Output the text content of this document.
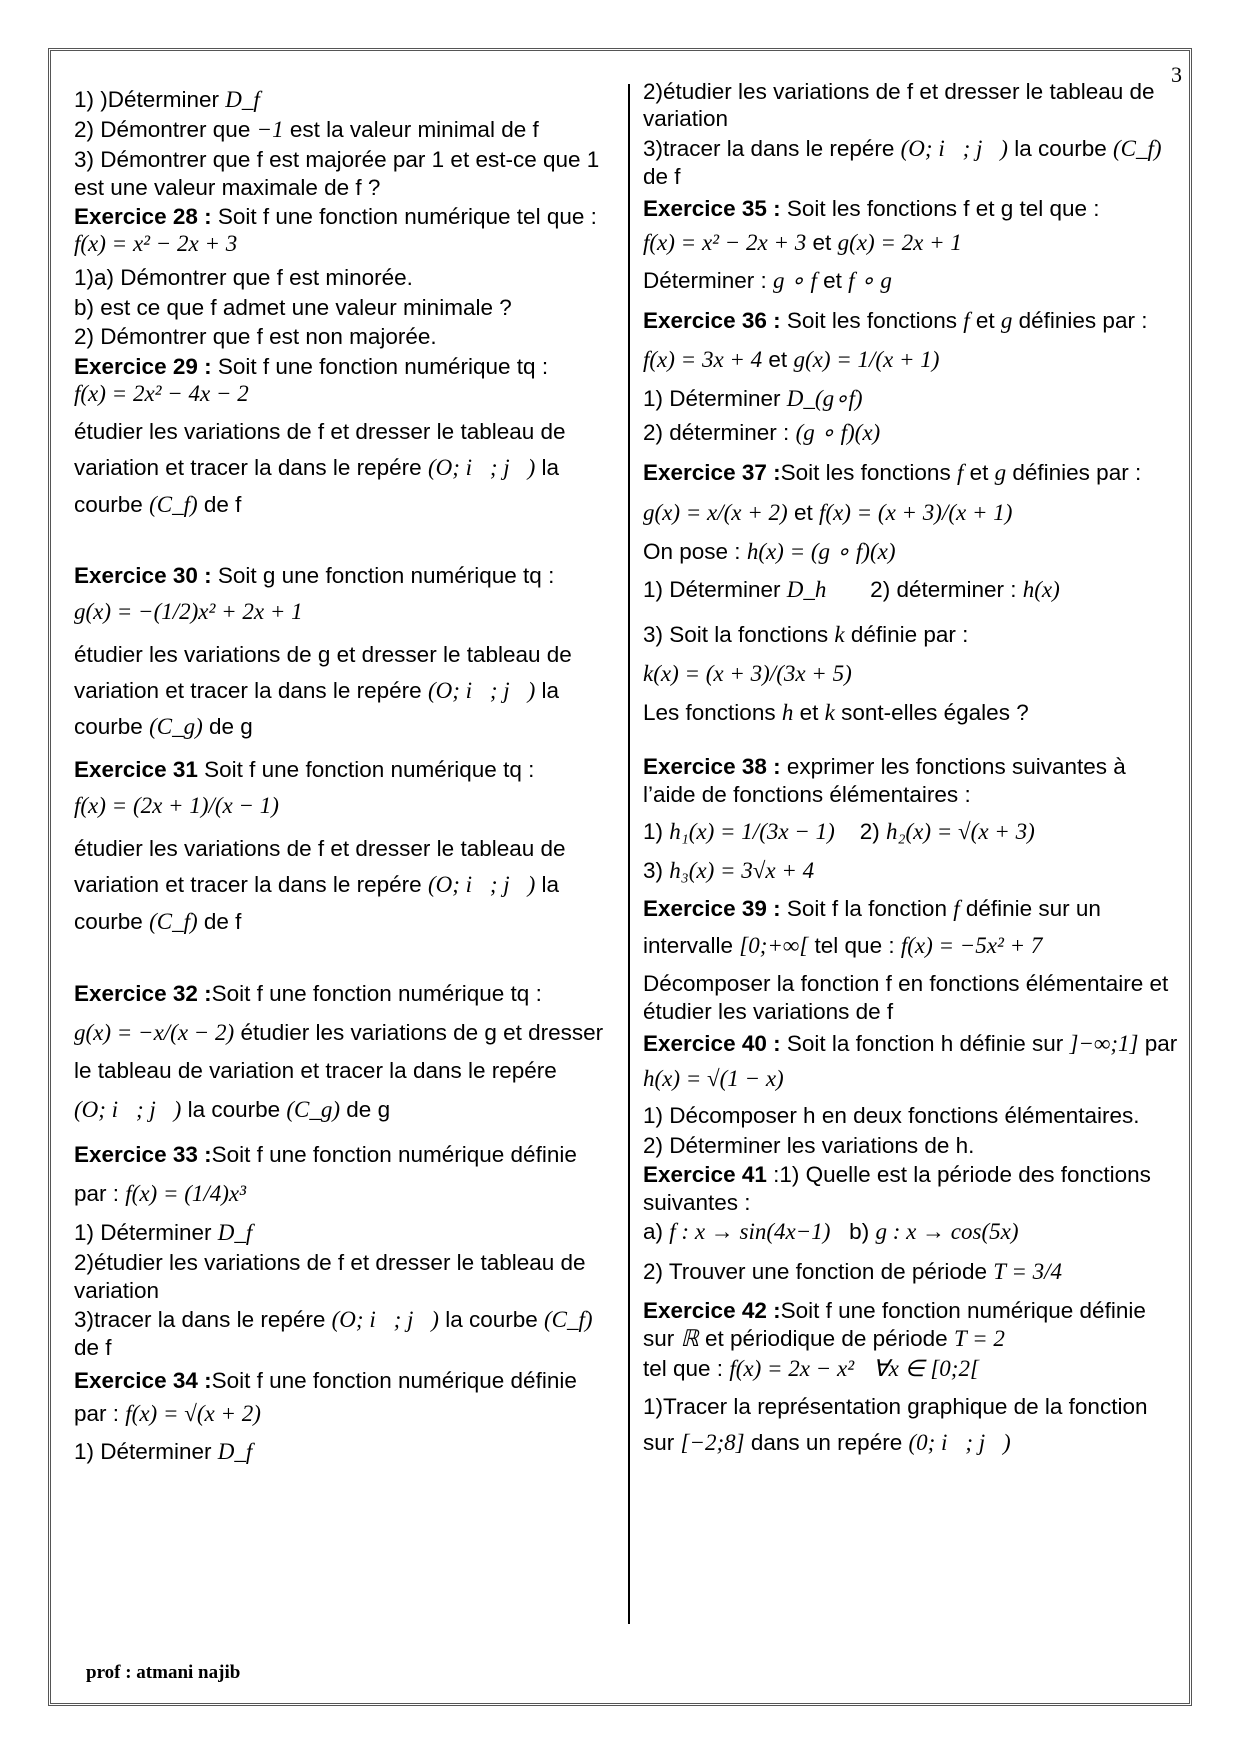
3
1) )Déterminer D_f
2) Démontrer que −1 est la valeur minimal de f
3) Démontrer que f est majorée par 1 et est-ce que 1 est une valeur maximale de f ?
Exercice 28 : Soit f une fonction numérique tel que : f(x) = x² − 2x + 3
1)a) Démontrer que f est minorée.
b) est ce que f admet une valeur minimale ?
2) Démontrer que f est non majorée.
Exercice 29 : Soit f une fonction numérique tq : f(x) = 2x² − 4x − 2
étudier les variations de f et dresser le tableau de variation et tracer la dans le repére (O; i⃗; j⃗) la courbe (C_f) de f
Exercice 30 : Soit g une fonction numérique tq : g(x) = −(1/2)x² + 2x + 1
étudier les variations de g et dresser le tableau de variation et tracer la dans le repére (O; i⃗; j⃗) la courbe (C_g) de g
Exercice 31 Soit f une fonction numérique tq :
f(x) = (2x + 1)/(x − 1)
étudier les variations de f et dresser le tableau de variation et tracer la dans le repére (O; i⃗; j⃗) la courbe (C_f) de f
Exercice 32 :Soit f une fonction numérique tq :
g(x) = −x/(x − 2) étudier les variations de g et dresser le tableau de variation et tracer la dans le repére (O; i⃗; j⃗) la courbe (C_g) de g
Exercice 33 :Soit f une fonction numérique définie par : f(x) = (1/4)x³
1) Déterminer D_f
2)étudier les variations de f et dresser le tableau de variation
3)tracer la dans le repére (O; i⃗; j⃗) la courbe (C_f) de f
Exercice 34 :Soit f une fonction numérique définie par : f(x) = √(x + 2)
1) Déterminer D_f
2)étudier les variations de f et dresser le tableau de variation
3)tracer la dans le repére (O; i⃗; j⃗) la courbe (C_f) de f
Exercice 35 : Soit les fonctions f et g tel que : f(x) = x² − 2x + 3 et g(x) = 2x + 1
Déterminer : g ∘ f et f ∘ g
Exercice 36 : Soit les fonctions f et g définies par : f(x) = 3x + 4 et g(x) = 1/(x + 1)
1) Déterminer D_(g∘f)
2) déterminer : (g ∘ f)(x)
Exercice 37 :Soit les fonctions f et g définies par : g(x) = x/(x + 2) et f(x) = (x + 3)/(x + 1)
On pose : h(x) = (g ∘ f)(x)
1) Déterminer D_h       2) déterminer : h(x)
3) Soit la fonctions k définie par : k(x) = (x + 3)/(3x + 5)
Les fonctions h et k sont-elles égales ?
Exercice 38 : exprimer les fonctions suivantes à l’aide de fonctions élémentaires :
1) h₁(x) = 1/(3x − 1)    2) h₂(x) = √(x + 3)
3) h₃(x) = 3√x + 4
Exercice 39 : Soit f la fonction f définie sur un intervalle [0;+∞[ tel que : f(x) = −5x² + 7
Décomposer la fonction f en fonctions élémentaire et étudier les variations de f
Exercice 40 : Soit la fonction h définie sur ]−∞;1] par h(x) = √(1 − x)
1) Décomposer h en deux fonctions élémentaires.
2) Déterminer les variations de h.
Exercice 41 :1) Quelle est la période des fonctions suivantes :
a) f : x → sin(4x−1)   b) g : x → cos(5x)
2) Trouver une fonction de période T = 3/4
Exercice 42 :Soit f une fonction numérique définie sur ℝ et périodique de période T = 2
tel que : f(x) = 2x − x² ∀x ∈ [0;2[
1)Tracer la représentation graphique de la fonction sur [−2;8] dans un repére (0; i⃗; j⃗)
prof : atmani najib
